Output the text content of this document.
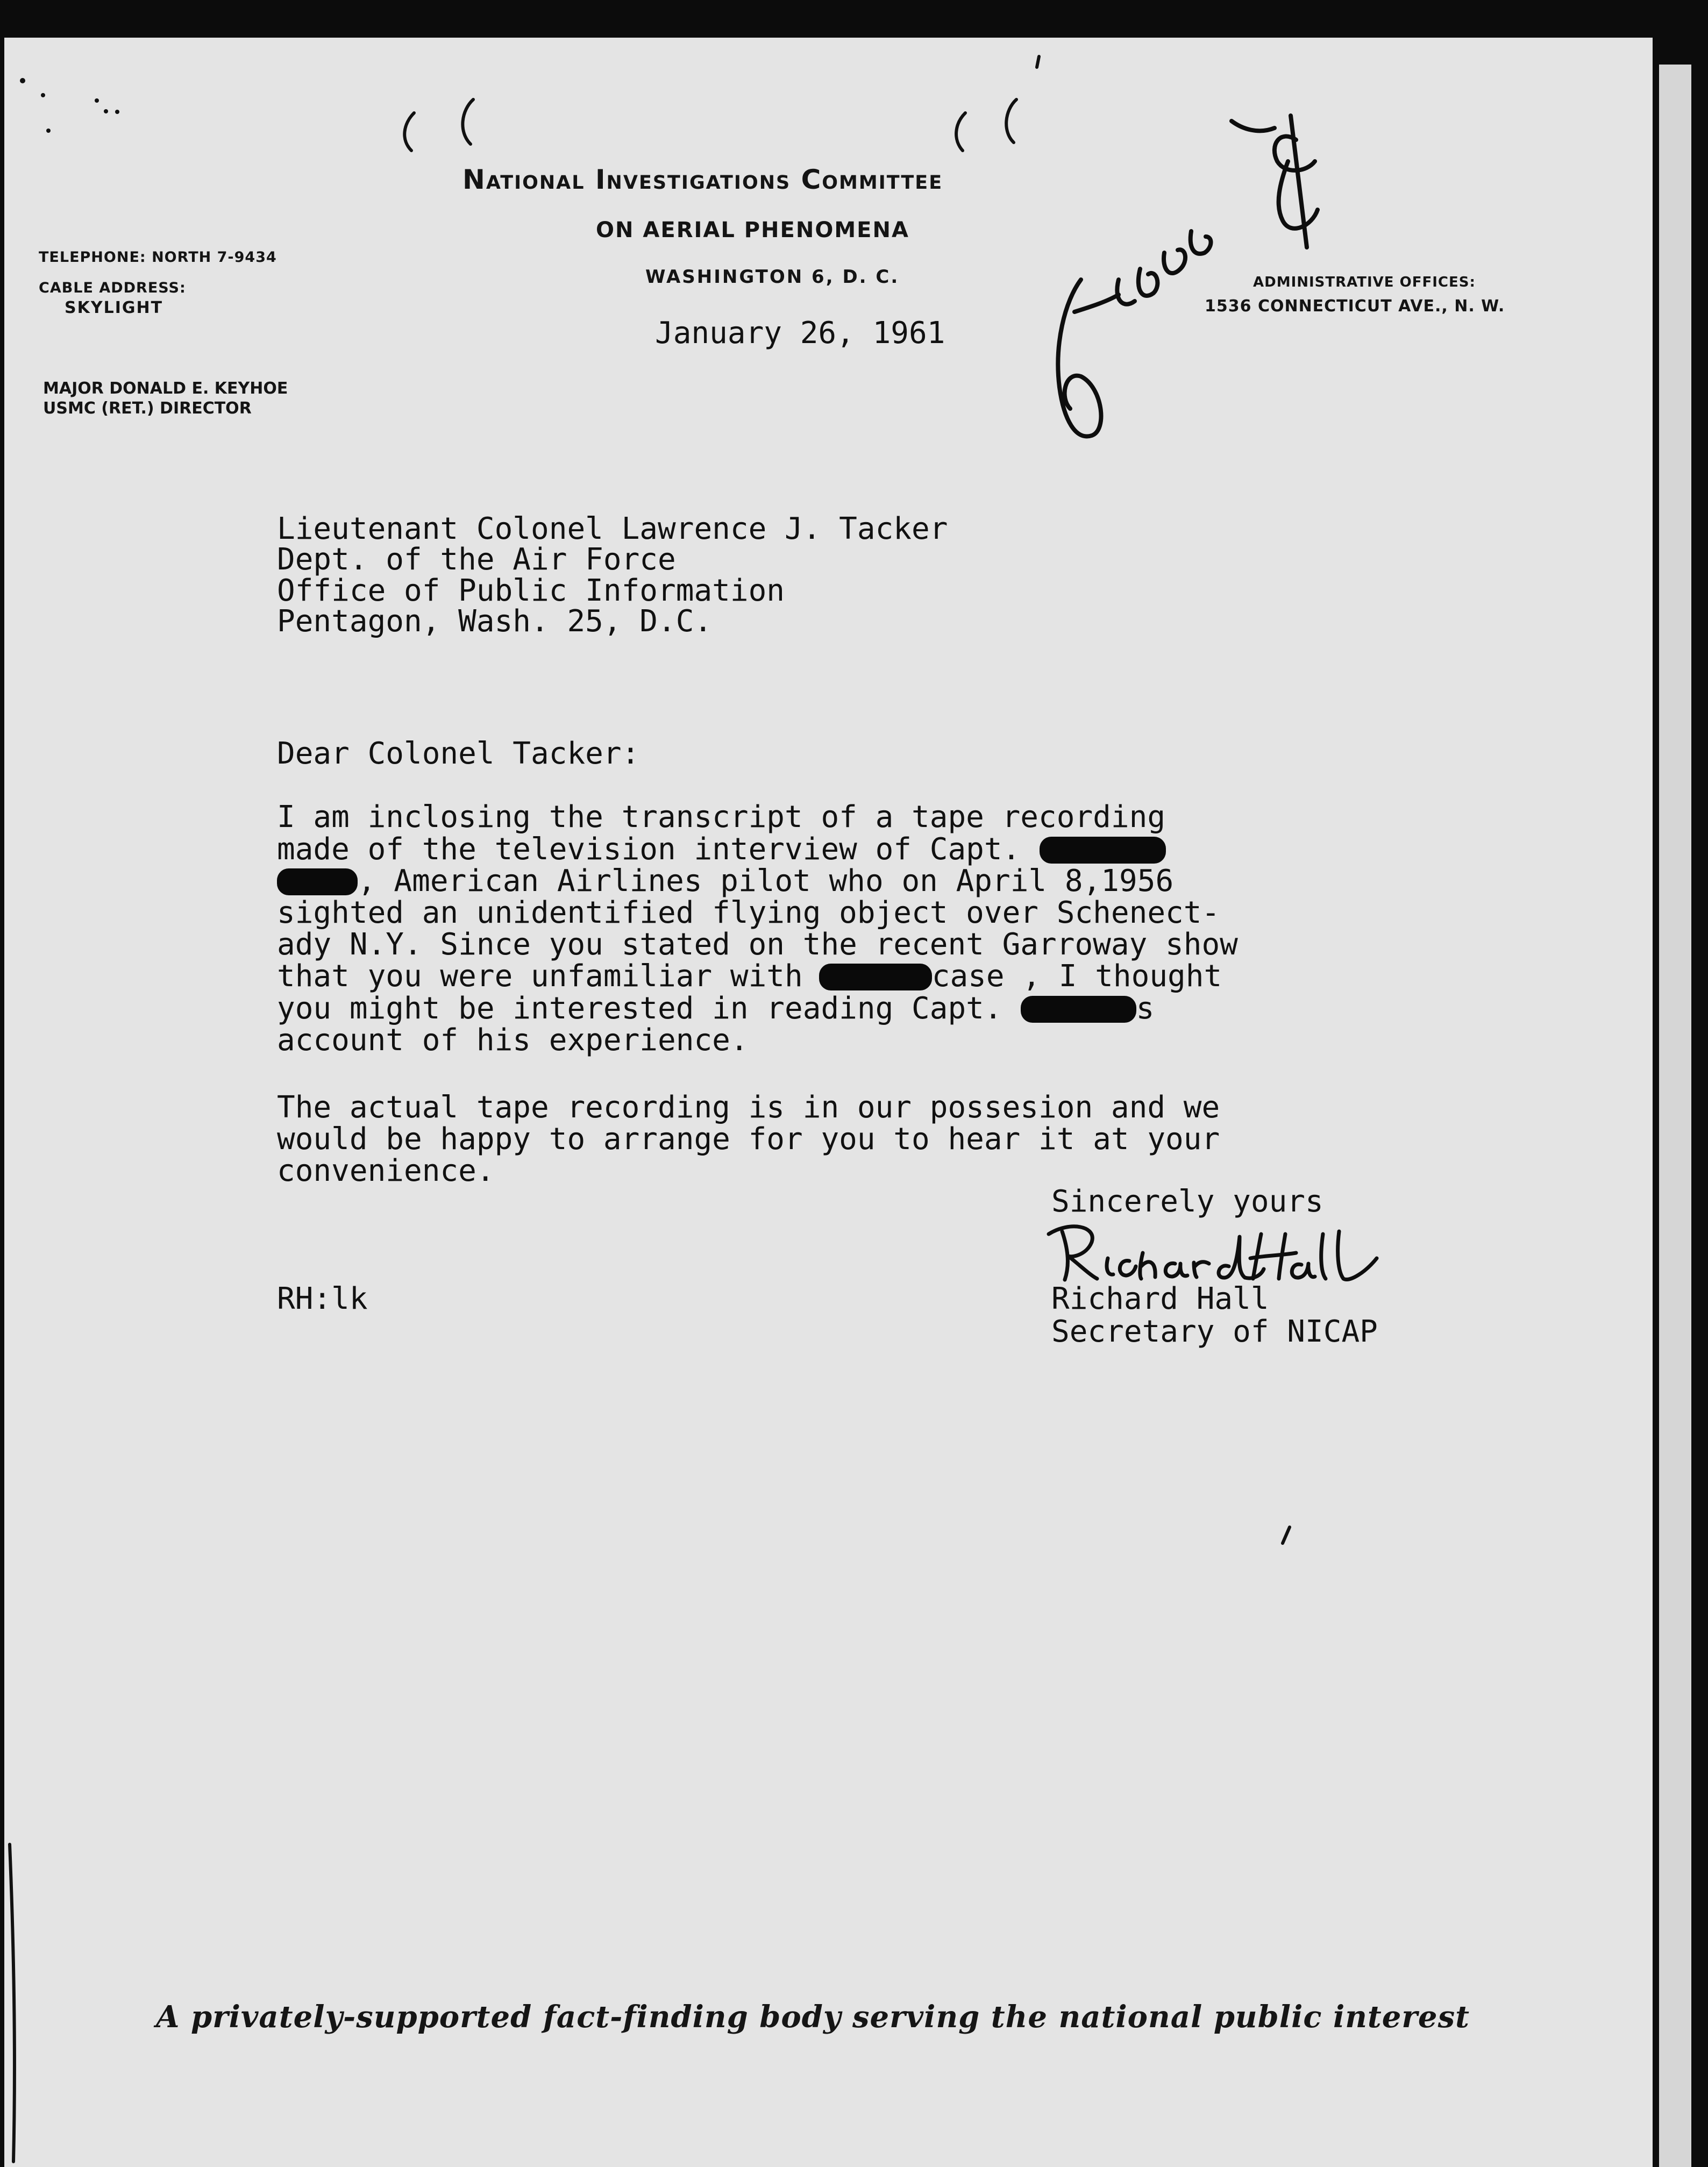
National Investigations Committee
ON AERIAL PHENOMENA
WASHINGTON 6, D. C.
TELEPHONE: NORTH 7-9434
CABLE ADDRESS:
SKYLIGHT
MAJOR DONALD E. KEYHOE
USMC (RET.) DIRECTOR
ADMINISTRATIVE OFFICES:
1536 CONNECTICUT AVE., N. W.
January 26, 1961
Lieutenant Colonel Lawrence J. Tacker
Dept. of the Air Force
Office of Public Information
Pentagon, Wash. 25, D.C.
Dear Colonel Tacker:
I am inclosing the transcript of a tape recording
made of the television interview of Capt.
, American Airlines pilot who on April 8,1956
sighted an unidentified flying object over Schenect-
ady N.Y. Since you stated on the recent Garroway show
that you were unfamiliar with	case , I thought
you might be interested in reading Capt.	s
account of his experience.
The actual tape recording is in our possesion and we
would be happy to arrange for you to hear it at your
convenience.
Sincerely yours
Richard Hall
Secretary of NICAP
RH:lk
A privately-supported fact-finding body serving the national public interest
